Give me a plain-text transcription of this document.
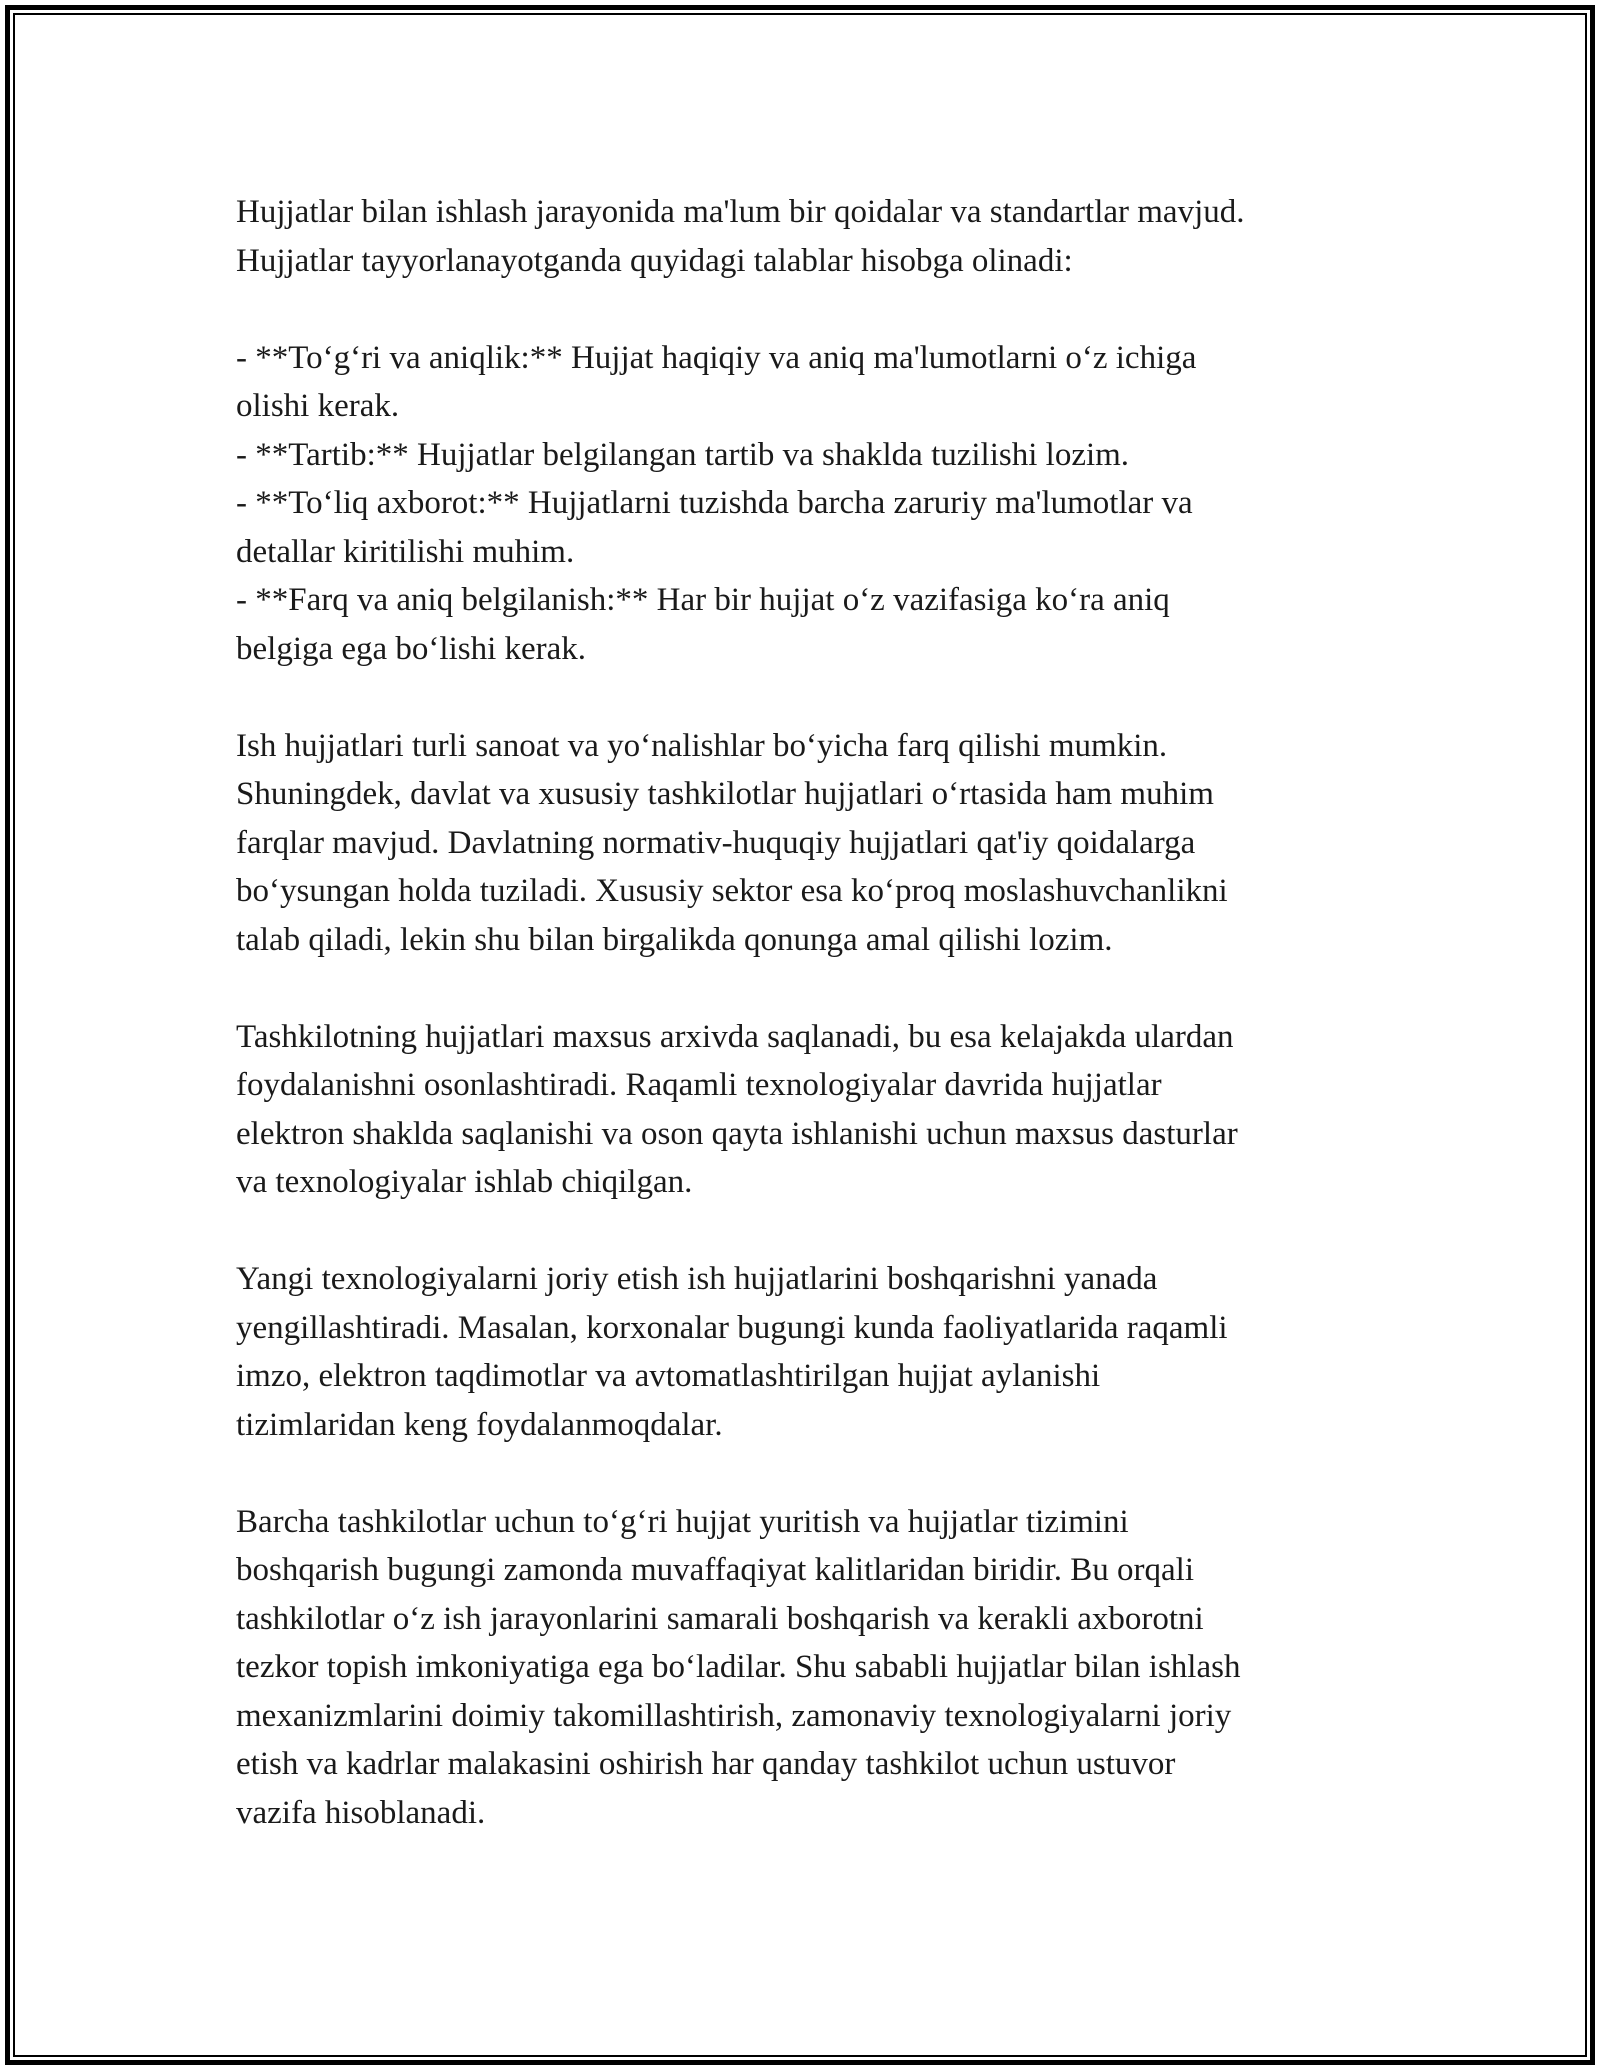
Hujjatlar bilan ishlash jarayonida ma'lum bir qoidalar va standartlar mavjud.
Hujjatlar tayyorlanayotganda quyidagi talablar hisobga olinadi:
- **To‘g‘ri va aniqlik:** Hujjat haqiqiy va aniq ma'lumotlarni o‘z ichiga
olishi kerak.
- **Tartib:** Hujjatlar belgilangan tartib va shaklda tuzilishi lozim.
- **To‘liq axborot:** Hujjatlarni tuzishda barcha zaruriy ma'lumotlar va
detallar kiritilishi muhim.
- **Farq va aniq belgilanish:** Har bir hujjat o‘z vazifasiga ko‘ra aniq
belgiga ega bo‘lishi kerak.
Ish hujjatlari turli sanoat va yo‘nalishlar bo‘yicha farq qilishi mumkin.
Shuningdek, davlat va xususiy tashkilotlar hujjatlari o‘rtasida ham muhim
farqlar mavjud. Davlatning normativ-huquqiy hujjatlari qat'iy qoidalarga
bo‘ysungan holda tuziladi. Xususiy sektor esa ko‘proq moslashuvchanlikni
talab qiladi, lekin shu bilan birgalikda qonunga amal qilishi lozim.
Tashkilotning hujjatlari maxsus arxivda saqlanadi, bu esa kelajakda ulardan
foydalanishni osonlashtiradi. Raqamli texnologiyalar davrida hujjatlar
elektron shaklda saqlanishi va oson qayta ishlanishi uchun maxsus dasturlar
va texnologiyalar ishlab chiqilgan.
Yangi texnologiyalarni joriy etish ish hujjatlarini boshqarishni yanada
yengillashtiradi. Masalan, korxonalar bugungi kunda faoliyatlarida raqamli
imzo, elektron taqdimotlar va avtomatlashtirilgan hujjat aylanishi
tizimlaridan keng foydalanmoqdalar.
Barcha tashkilotlar uchun to‘g‘ri hujjat yuritish va hujjatlar tizimini
boshqarish bugungi zamonda muvaffaqiyat kalitlaridan biridir. Bu orqali
tashkilotlar o‘z ish jarayonlarini samarali boshqarish va kerakli axborotni
tezkor topish imkoniyatiga ega bo‘ladilar. Shu sababli hujjatlar bilan ishlash
mexanizmlarini doimiy takomillashtirish, zamonaviy texnologiyalarni joriy
etish va kadrlar malakasini oshirish har qanday tashkilot uchun ustuvor
vazifa hisoblanadi.
